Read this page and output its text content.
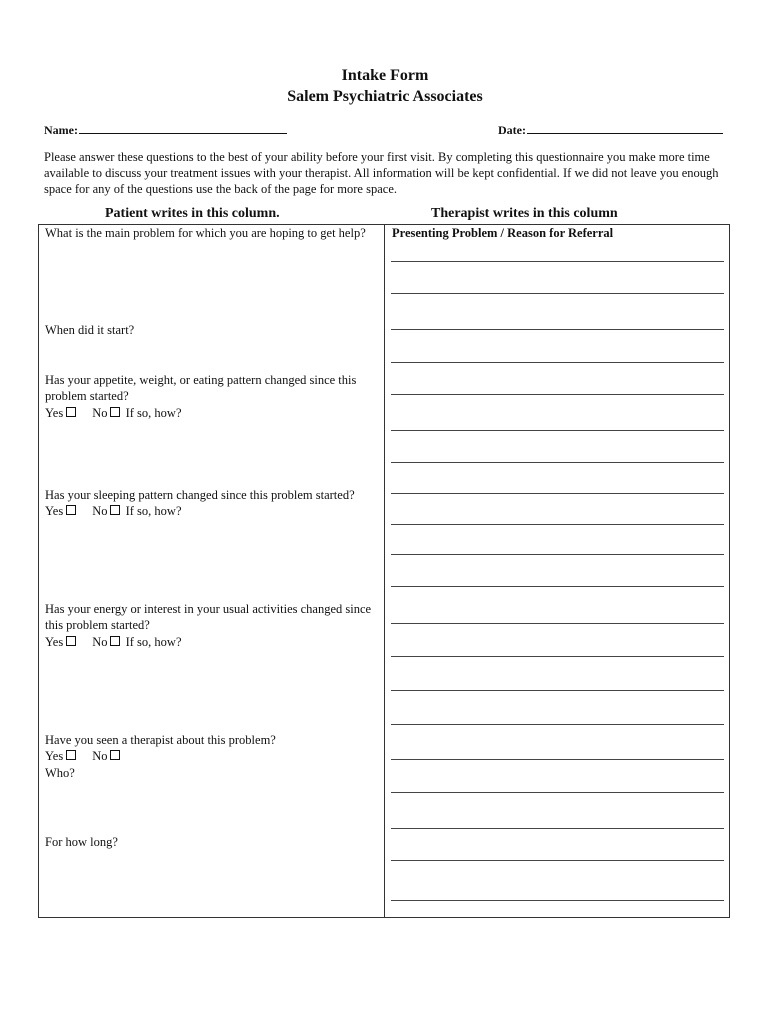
Intake Form
Salem Psychiatric Associates
Name:	Date:
Please answer these questions to the best of your ability before your first visit. By completing this questionnaire you make more time available to discuss your treatment issues with your therapist. All information will be kept confidential. If we did not leave you enough space for any of the questions use the back of the page for more space.
Patient writes in this column.	Therapist writes in this column
What is the main problem for which you are hoping to get help?
When did it start?
Has your appetite, weight, or eating pattern changed since this problem started?
Yes No If so, how?
Has your sleeping pattern changed since this problem started?
Yes No If so, how?
Has your energy or interest in your usual activities changed since this problem started?
Yes No If so, how?
Have you seen a therapist about this problem?
Yes No
Who?
For how long?
Presenting Problem / Reason for Referral
